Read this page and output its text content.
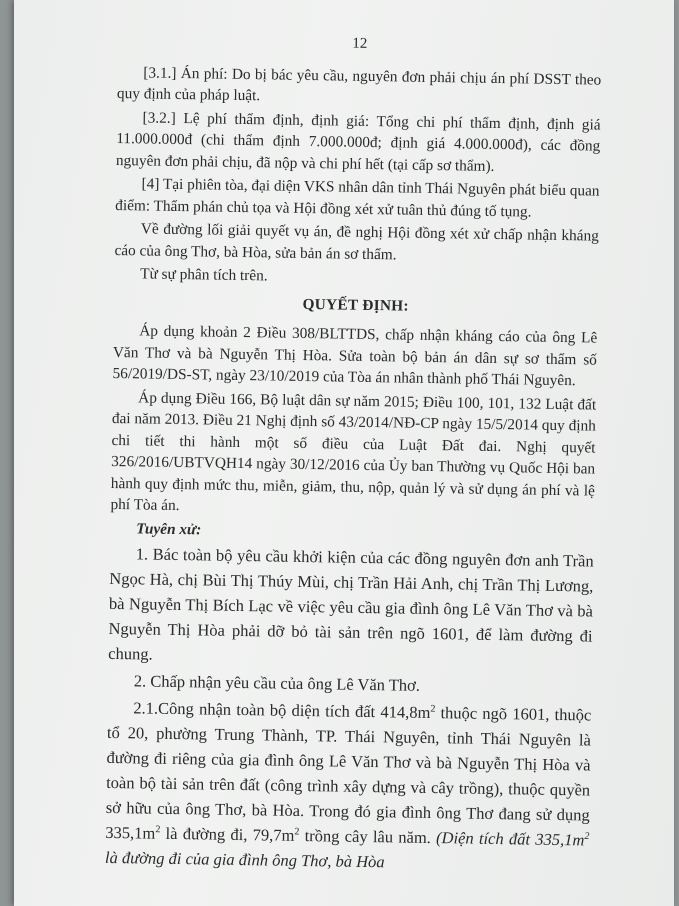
12

[3.1.] Án phí: Do bị bác yêu cầu, nguyên đơn phải chịu án phí DSST theo quy định của pháp luật.

[3.2.] Lệ phí thẩm định, định giá: Tổng chi phí thẩm định, định giá 11.000.000đ (chi thẩm định 7.000.000đ; định giá 4.000.000đ), các đồng nguyên đơn phải chịu, đã nộp và chi phí hết (tại cấp sơ thẩm).

[4] Tại phiên tòa, đại diện VKS nhân dân tỉnh Thái Nguyên phát biểu quan điểm: Thẩm phán chủ tọa và Hội đồng xét xử tuân thủ đúng tố tụng.

Về đường lối giải quyết vụ án, đề nghị Hội đồng xét xử chấp nhận kháng cáo của ông Thơ, bà Hòa, sửa bản án sơ thẩm.

Từ sự phân tích trên.

QUYẾT ĐỊNH:

Áp dụng khoản 2 Điều 308/BLTTDS, chấp nhận kháng cáo của ông Lê Văn Thơ và bà Nguyễn Thị Hòa. Sửa toàn bộ bản án dân sự sơ thẩm số 56/2019/DS-ST, ngày 23/10/2019 của Tòa án nhân thành phố Thái Nguyên.

Áp dụng Điều 166, Bộ luật dân sự năm 2015; Điều 100, 101, 132 Luật đất đai năm 2013. Điều 21 Nghị định số 43/2014/NĐ-CP ngày 15/5/2014 quy định chi tiết thi hành một số điều của Luật Đất đai. Nghị quyết 326/2016/UBTVQH14 ngày 30/12/2016 của Ủy ban Thường vụ Quốc Hội ban hành quy định mức thu, miễn, giảm, thu, nộp, quản lý và sử dụng án phí và lệ phí Tòa án.

Tuyên xử:

1. Bác toàn bộ yêu cầu khởi kiện của các đồng nguyên đơn anh Trần Ngọc Hà, chị Bùi Thị Thúy Mùi, chị Trần Hải Anh, chị Trần Thị Lương, bà Nguyễn Thị Bích Lạc về việc yêu cầu gia đình ông Lê Văn Thơ và bà Nguyễn Thị Hòa phải dỡ bỏ tài sản trên ngõ 1601, để làm đường đi chung.

2. Chấp nhận yêu cầu của ông Lê Văn Thơ.

2.1.Công nhận toàn bộ diện tích đất $414,8m^2$ thuộc ngõ 1601, thuộc tổ 20, phường Trung Thành, TP. Thái Nguyên, tỉnh Thái Nguyên là đường đi riêng của gia đình ông Lê Văn Thơ và bà Nguyễn Thị Hòa và toàn bộ tài sản trên đất (công trình xây dựng và cây trồng), thuộc quyền sở hữu của ông Thơ, bà Hòa. Trong đó gia đình ông Thơ đang sử dụng $335,1m^2$ là đường đi, $79,7m^2$ trồng cây lâu năm. (Diện tích đất $335,1m^2$ là đường đi của gia đình ông Thơ, bà Hòa
